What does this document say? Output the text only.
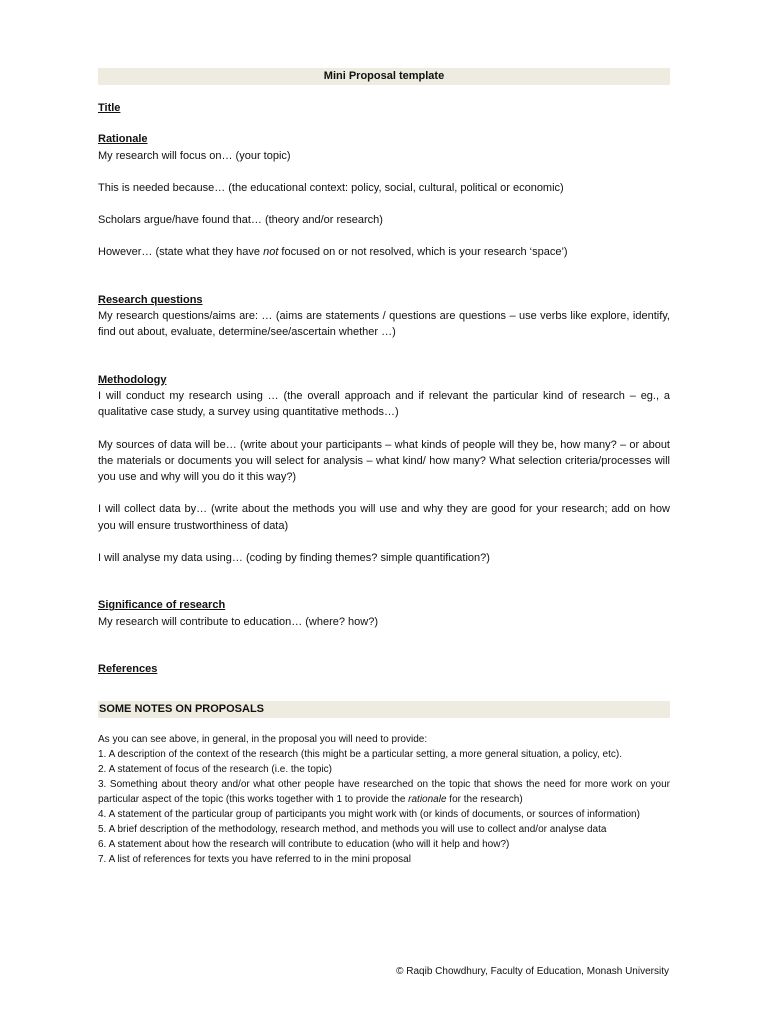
Mini Proposal template

Title

Rationale

My research will focus on… (your topic)

This is needed because… (the educational context: policy, social, cultural, political or economic)

Scholars argue/have found that… (theory and/or research)

However… (state what they have not focused on or not resolved, which is your research ‘space’)

Research questions

My research questions/aims are: … (aims are statements / questions are questions – use verbs like explore, identify, find out about, evaluate, determine/see/ascertain whether …)

Methodology

I will conduct my research using … (the overall approach and if relevant the particular kind of research – eg., a qualitative case study, a survey using quantitative methods…)

My sources of data will be… (write about your participants – what kinds of people will they be, how many? – or about the materials or documents you will select for analysis – what kind/ how many? What selection criteria/processes will you use and why will you do it this way?)

I will collect data by… (write about the methods you will use and why they are good for your research; add on how you will ensure trustworthiness of data)

I will analyse my data using… (coding by finding themes? simple quantification?)

Significance of research

My research will contribute to education… (where? how?)

References

SOME NOTES ON PROPOSALS

As you can see above, in general, in the proposal you will need to provide:

1. A description of the context of the research (this might be a particular setting, a more general situation, a policy, etc).

2. A statement of focus of the research (i.e. the topic)

3. Something about theory and/or what other people have researched on the topic that shows the need for more work on your particular aspect of the topic (this works together with 1 to provide the rationale for the research)

4. A statement of the particular group of participants you might work with (or kinds of documents, or sources of information)

5. A brief description of the methodology, research method, and methods you will use to collect and/or analyse data

6. A statement about how the research will contribute to education (who will it help and how?)

7. A list of references for texts you have referred to in the mini proposal

© Raqib Chowdhury, Faculty of Education, Monash University
